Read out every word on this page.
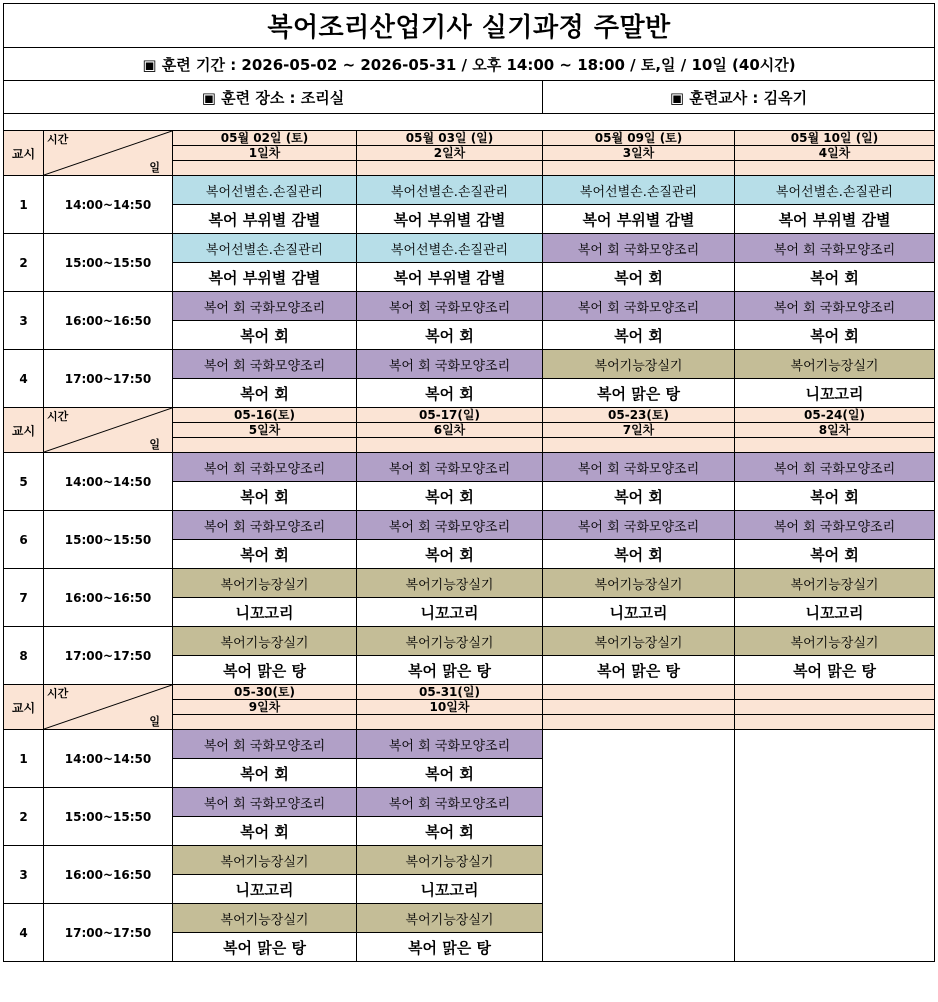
복어조리산업기사 실기과정 주말반					
▣ 훈련 기간 : 2026-05-02 ~ 2026-05-31 / 오후 14:00 ~ 18:00 / 토,일 / 10일 (40시간)					
▣ 훈련 장소 : 조리실				▣ 훈련교사 : 김옥기	

교시	시간
일	05월 02일 (토)	05월 03일 (일)	05월 09일 (토)	05월 10일 (일)
		1일차	2일차	3일차	4일차

1	14:00~14:50	복어선별손.손질관리	복어선별손.손질관리	복어선별손.손질관리	복어선별손.손질관리
		복어 부위별 감별	복어 부위별 감별	복어 부위별 감별	복어 부위별 감별
2	15:00~15:50	복어선별손.손질관리	복어선별손.손질관리	복어 회 국화모양조리	복어 회 국화모양조리
		복어 부위별 감별	복어 부위별 감별	복어 회	복어 회
3	16:00~16:50	복어 회 국화모양조리	복어 회 국화모양조리	복어 회 국화모양조리	복어 회 국화모양조리
		복어 회	복어 회	복어 회	복어 회
4	17:00~17:50	복어 회 국화모양조리	복어 회 국화모양조리	복어기능장실기	복어기능장실기
		복어 회	복어 회	복어 맑은 탕	니꼬고리
교시	시간
일	05-16(토)	05-17(일)	05-23(토)	05-24(일)
		5일차	6일차	7일차	8일차

5	14:00~14:50	복어 회 국화모양조리	복어 회 국화모양조리	복어 회 국화모양조리	복어 회 국화모양조리
		복어 회	복어 회	복어 회	복어 회
6	15:00~15:50	복어 회 국화모양조리	복어 회 국화모양조리	복어 회 국화모양조리	복어 회 국화모양조리
		복어 회	복어 회	복어 회	복어 회
7	16:00~16:50	복어기능장실기	복어기능장실기	복어기능장실기	복어기능장실기
		니꼬고리	니꼬고리	니꼬고리	니꼬고리
8	17:00~17:50	복어기능장실기	복어기능장실기	복어기능장실기	복어기능장실기
		복어 맑은 탕	복어 맑은 탕	복어 맑은 탕	복어 맑은 탕
교시	시간
일	05-30(토)	05-31(일)		
		9일차	10일차		

1	14:00~14:50	복어 회 국화모양조리	복어 회 국화모양조리		
		복어 회	복어 회		
2	15:00~15:50	복어 회 국화모양조리	복어 회 국화모양조리		
		복어 회	복어 회		
3	16:00~16:50	복어기능장실기	복어기능장실기		
		니꼬고리	니꼬고리		
4	17:00~17:50	복어기능장실기	복어기능장실기		
		복어 맑은 탕	복어 맑은 탕		
